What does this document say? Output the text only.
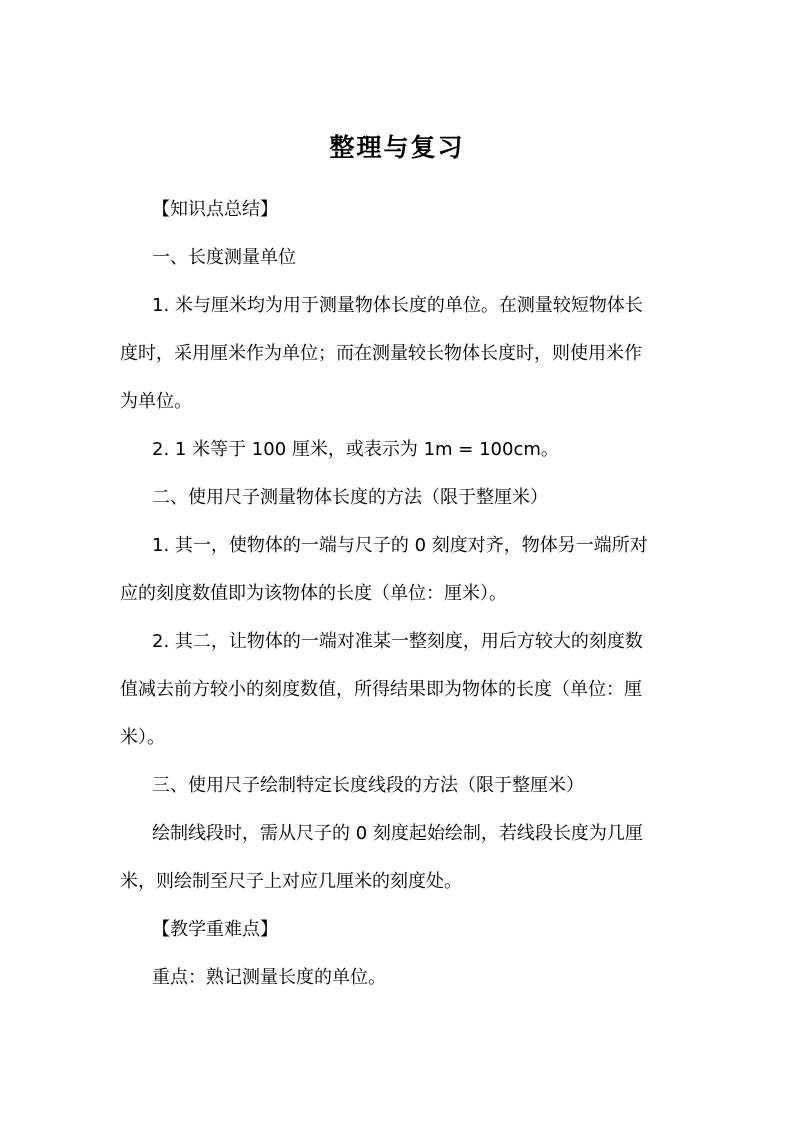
整理与复习
【知识点总结】
一、长度测量单位
1. 米与厘米均为用于测量物体长度的单位。在测量较短物体长
度时，采用厘米作为单位；而在测量较长物体长度时，则使用米作
为单位。
2. 1 米等于 100 厘米，或表示为 1m = 100cm。
二、使用尺子测量物体长度的方法（限于整厘米）
1. 其一，使物体的一端与尺子的 0 刻度对齐，物体另一端所对
应的刻度数值即为该物体的长度（单位：厘米）。
2. 其二，让物体的一端对准某一整刻度，用后方较大的刻度数
值减去前方较小的刻度数值，所得结果即为物体的长度（单位：厘
米）。
三、使用尺子绘制特定长度线段的方法（限于整厘米）
绘制线段时，需从尺子的 0 刻度起始绘制，若线段长度为几厘
米，则绘制至尺子上对应几厘米的刻度处。
【教学重难点】
重点：熟记测量长度的单位。
